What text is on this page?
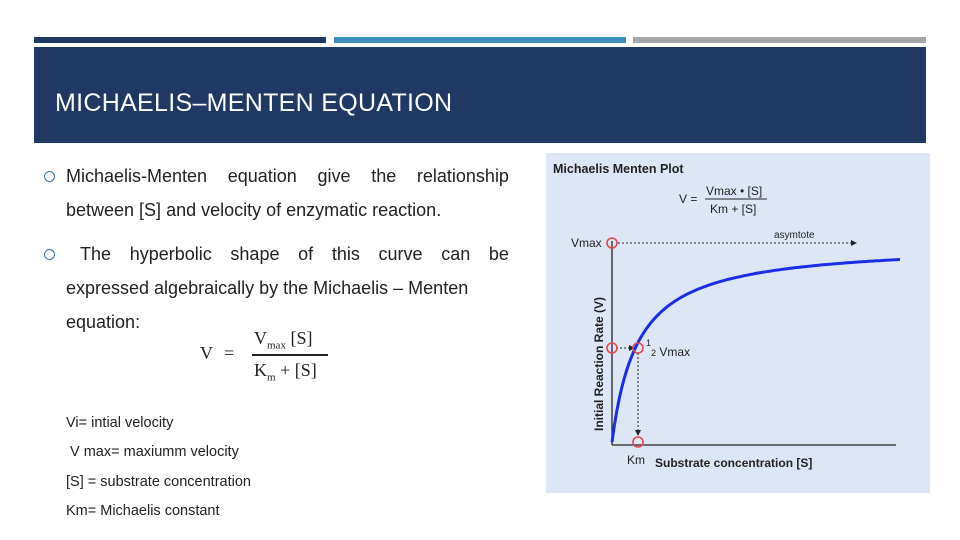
MICHAELIS–MENTEN EQUATION
Michaelis-Menten equation give the relationship
between [S] and velocity of enzymatic reaction.
The hyperbolic shape of this curve can be
expressed algebraically by the Michaelis – Menten
equation:
V =
$V_{max}$ [S]
$K_m + [S]$
Vi= intial velocity
V max= maxiumm velocity
[S] = substrate concentration
Km= Michaelis constant
Michaelis Menten Plot
V =
Vmax • [S]
Km + [S]
asymtote
Vmax
1
2 Vmax
Km Substrate concentration [S]
Initial Reaction Rate (V)
